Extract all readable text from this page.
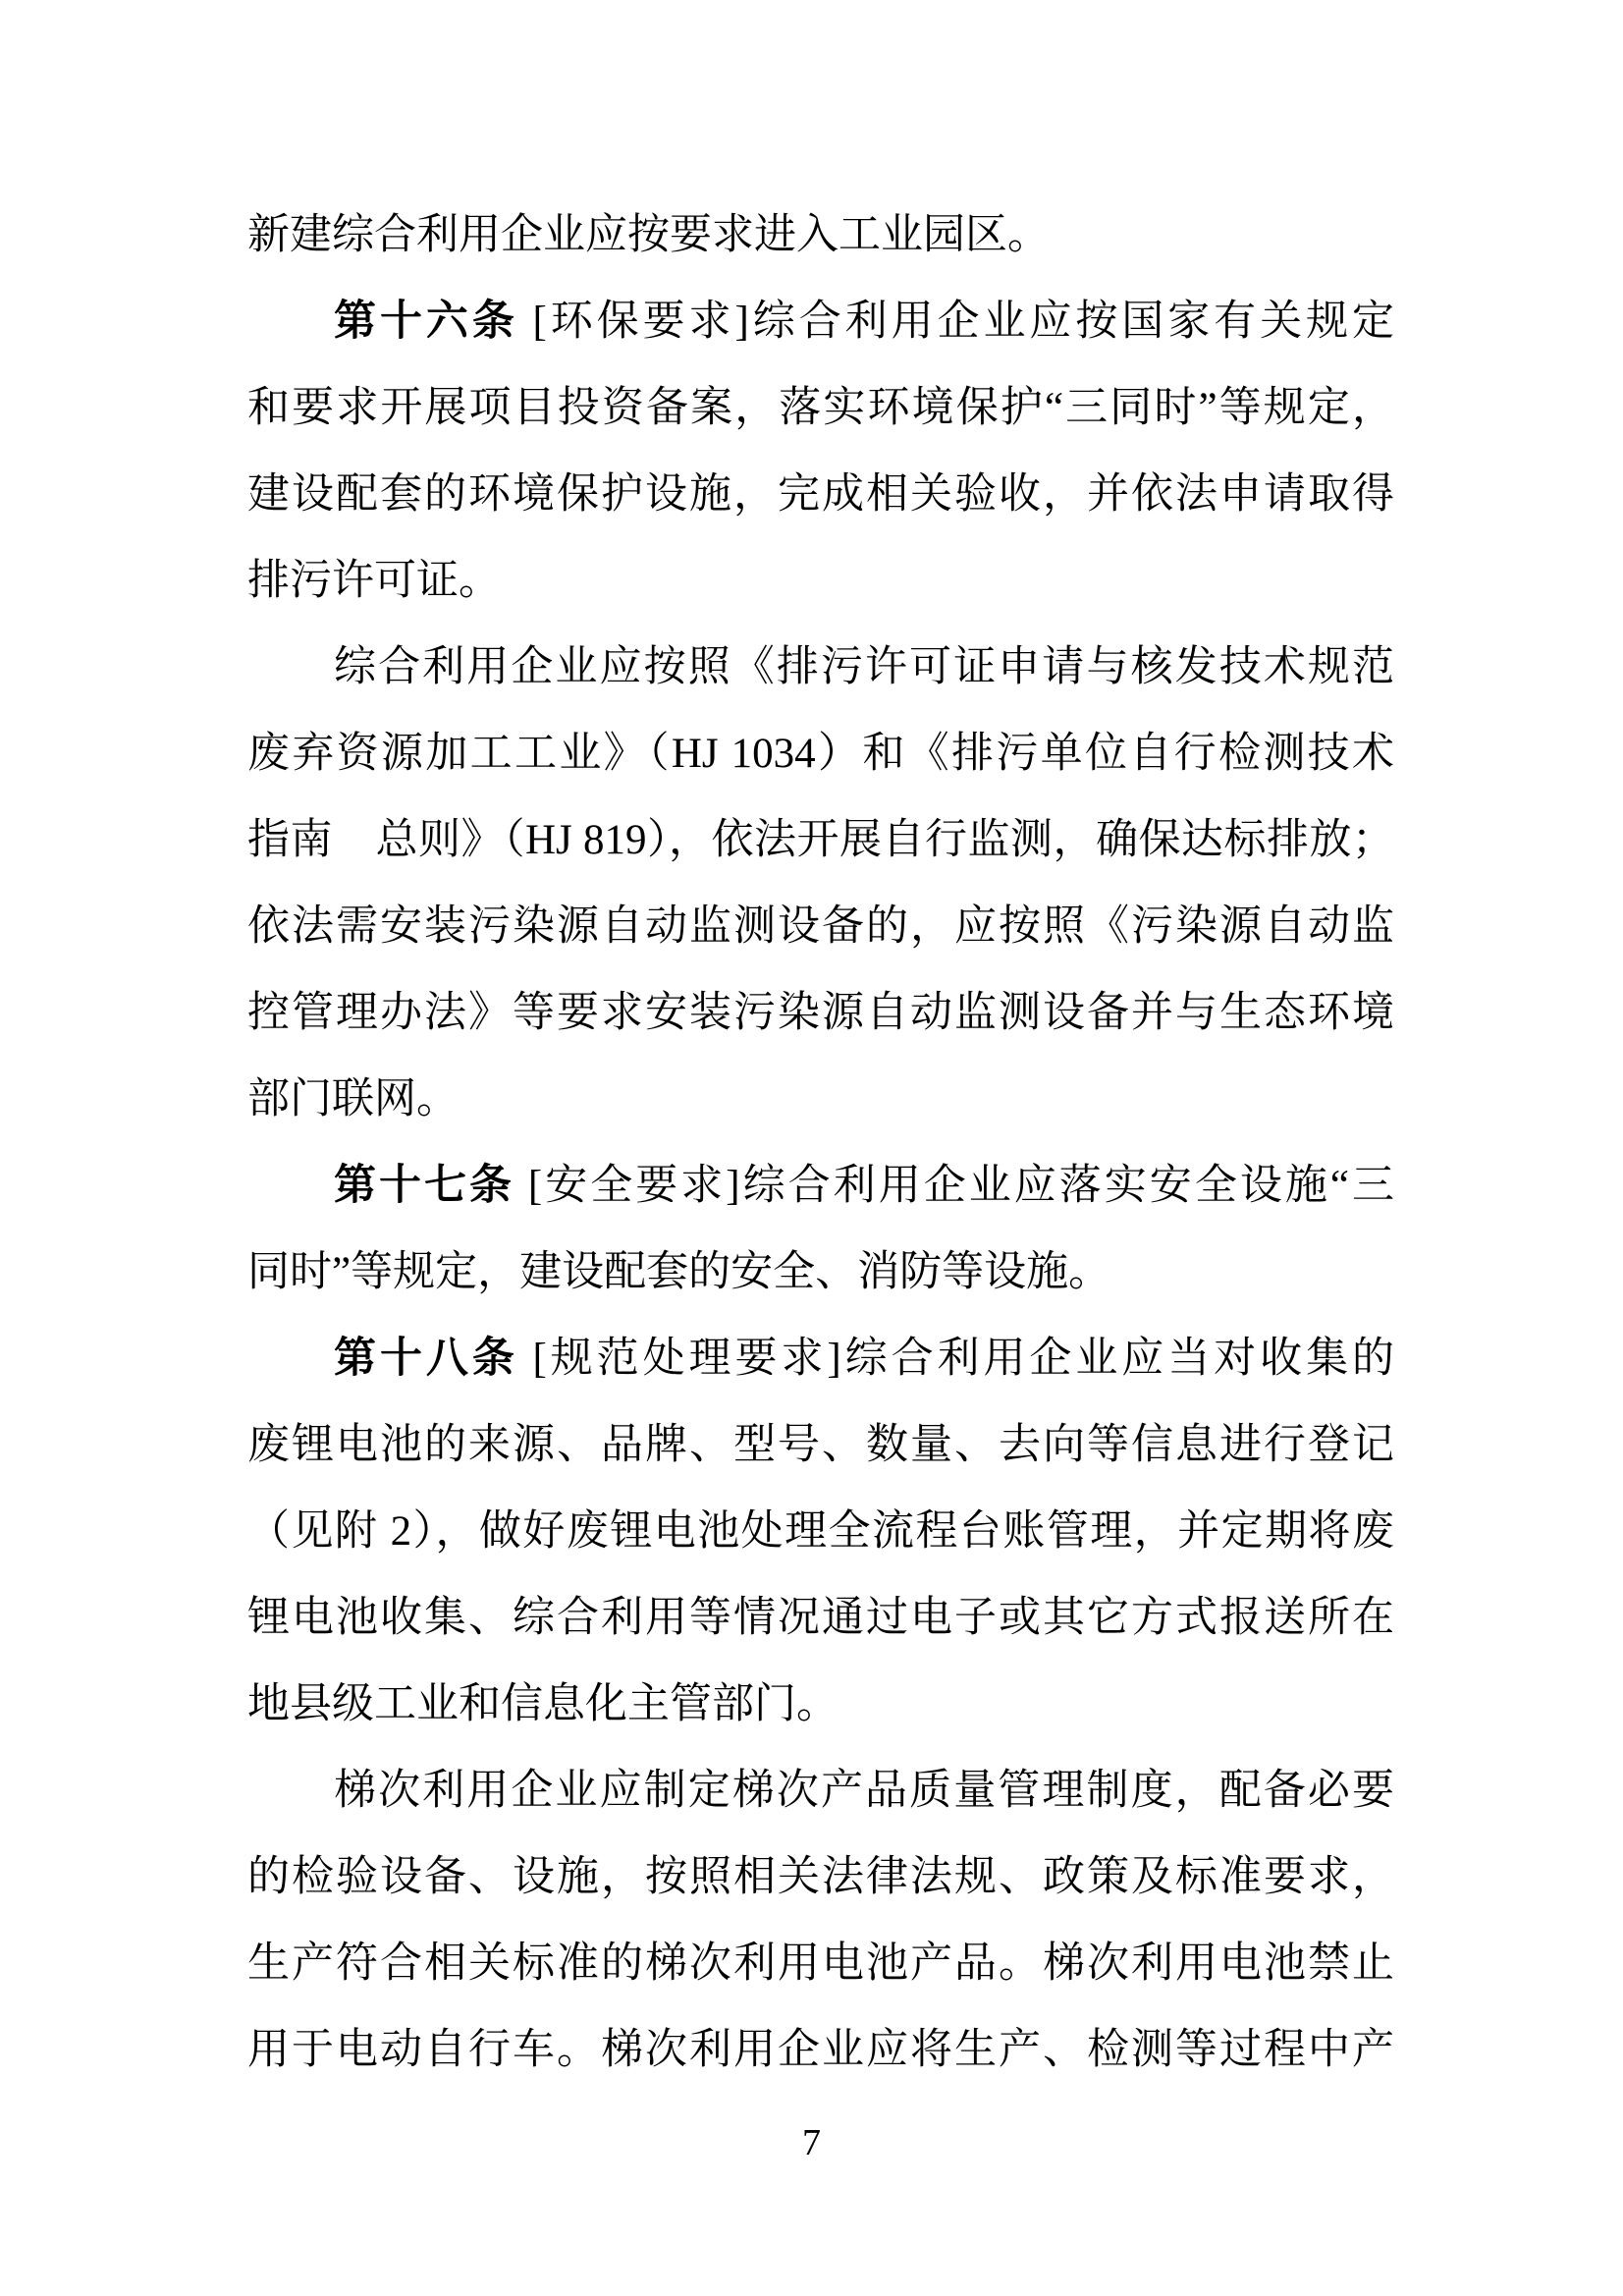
新建综合利用企业应按要求进入工业园区。
第十六条 [环保要求]综合利用企业应按国家有关规定
和要求开展项目投资备案，落实环境保护“三同时”等规定，
建设配套的环境保护设施，完成相关验收，并依法申请取得
排污许可证。
综合利用企业应按照《排污许可证申请与核发技术规范
废弃资源加工工业》（HJ 1034）和《排污单位自行检测技术
指南　总则》（HJ 819），依法开展自行监测，确保达标排放；
依法需安装污染源自动监测设备的，应按照《污染源自动监
控管理办法》等要求安装污染源自动监测设备并与生态环境
部门联网。
第十七条 [安全要求]综合利用企业应落实安全设施“三
同时”等规定，建设配套的安全、消防等设施。
第十八条 [规范处理要求]综合利用企业应当对收集的
废锂电池的来源、品牌、型号、数量、去向等信息进行登记
（见附 2），做好废锂电池处理全流程台账管理，并定期将废
锂电池收集、综合利用等情况通过电子或其它方式报送所在
地县级工业和信息化主管部门。
梯次利用企业应制定梯次产品质量管理制度，配备必要
的检验设备、设施，按照相关法律法规、政策及标准要求，
生产符合相关标准的梯次利用电池产品。梯次利用电池禁止
用于电动自行车。梯次利用企业应将生产、检测等过程中产
7
